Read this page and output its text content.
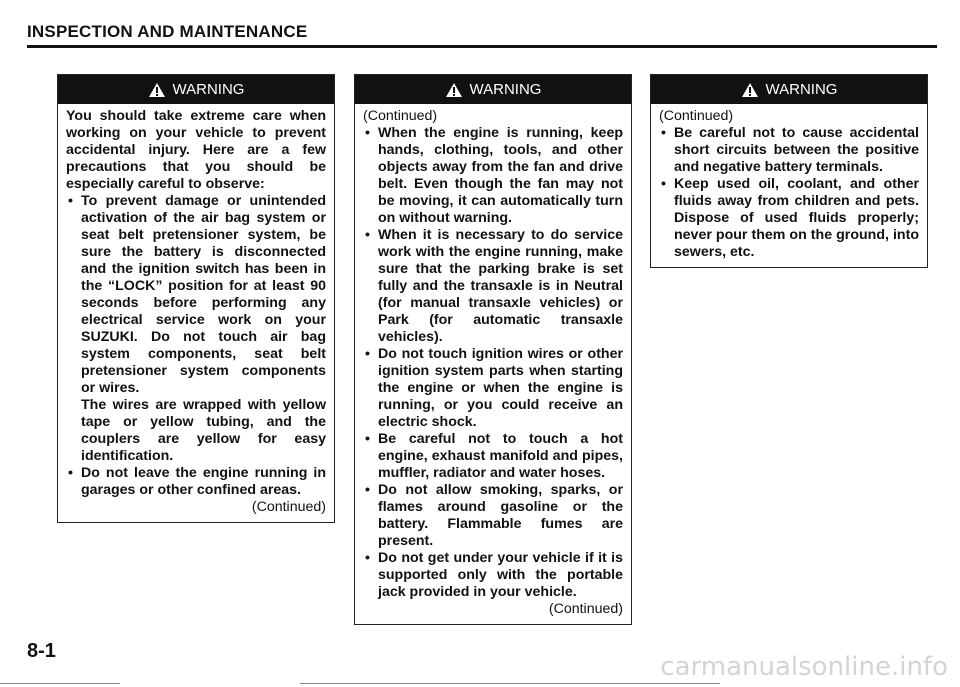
INSPECTION AND MAINTENANCE
WARNING
You should take extreme care when working on your vehicle to prevent accidental injury. Here are a few precautions that you should be especially careful to observe:
• To prevent damage or unintended activation of the air bag system or seat belt pretensioner system, be sure the battery is disconnected and the ignition switch has been in the “LOCK” position for at least 90 seconds before performing any electrical service work on your SUZUKI. Do not touch air bag system components, seat belt pretensioner system components or wires.
The wires are wrapped with yellow tape or yellow tubing, and the couplers are yellow for easy identification.
• Do not leave the engine running in garages or other confined areas.
(Continued)
WARNING
(Continued)
• When the engine is running, keep hands, clothing, tools, and other objects away from the fan and drive belt. Even though the fan may not be moving, it can automatically turn on without warning.
• When it is necessary to do service work with the engine running, make sure that the parking brake is set fully and the transaxle is in Neutral (for manual transaxle vehicles) or Park (for automatic transaxle vehicles).
• Do not touch ignition wires or other ignition system parts when starting the engine or when the engine is running, or you could receive an electric shock.
• Be careful not to touch a hot engine, exhaust manifold and pipes, muffler, radiator and water hoses.
• Do not allow smoking, sparks, or flames around gasoline or the battery. Flammable fumes are present.
• Do not get under your vehicle if it is supported only with the portable jack provided in your vehicle.
(Continued)
WARNING
(Continued)
• Be careful not to cause accidental short circuits between the positive and negative battery terminals.
• Keep used oil, coolant, and other fluids away from children and pets. Dispose of used fluids properly; never pour them on the ground, into sewers, etc.
8-1
carmanualsonline.info
